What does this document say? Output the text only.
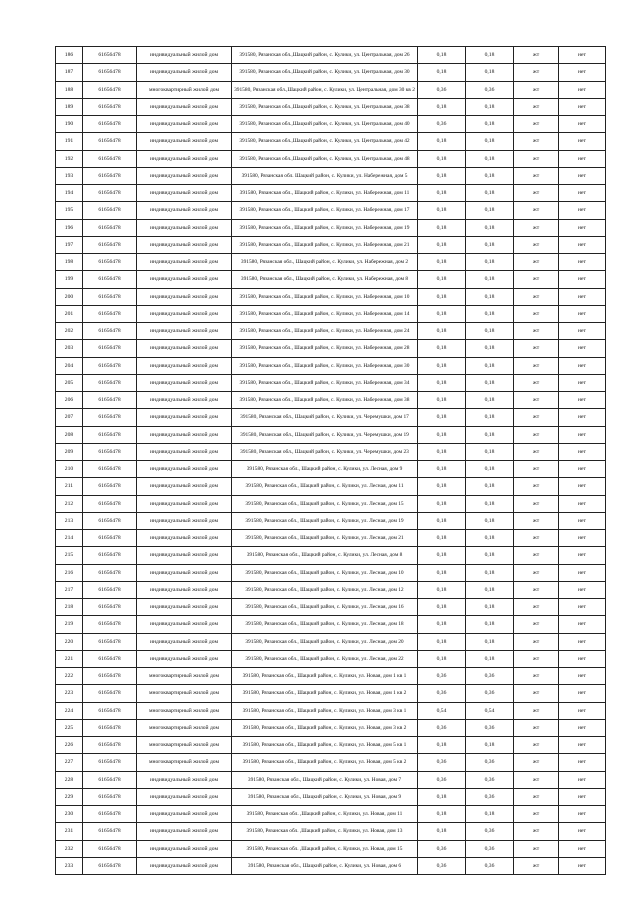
186	61656478	индивидуальный жилой дом	391580, Рязанская обл.,Шацкий район, с. Кулики, ул. Центральная, дом 26	0,18	0,18	жт	нет
187	61656478	индивидуальный жилой дом	391580, Рязанская обл.,Шацкий район, с. Кулики, ул. Центральная, дом 30	0,18	0,18	жт	нет
188	61656478	многоквартирный жилой дом	391580, Рязанская обл.,Шацкий район, с. Кулики, ул. Центральная, дом 30 кв 2	0,36	0,36	жт	нет
189	61656478	индивидуальный жилой дом	391580, Рязанская обл.,Шацкий район, с. Кулики, ул. Центральная, дом 38	0,18	0,18	жт	нет
190	61656478	индивидуальный жилой дом	391580, Рязанская обл.,Шацкий район, с. Кулики, ул. Центральная, дом 40	0,36	0,18	жт	нет
191	61656478	индивидуальный жилой дом	391580, Рязанская обл.,Шацкий район, с. Кулики, ул. Центральная, дом 42	0,18	0,18	жт	нет
192	61656478	индивидуальный жилой дом	391580, Рязанская обл.,Шацкий район, с. Кулики, ул. Центральная, дом 48	0,18	0,18	жт	нет
193	61656478	индивидуальный жилой дом	391580, Рязанская обл. Шацкий район, с. Кулики, ул. Набережная, дом 5	0,18	0,18	жт	нет
194	61656478	индивидуальный жилой дом	391580, Рязанская обл., Шацкий район, с. Кулики, ул. Набережная, дом 11	0,18	0,18	жт	нет
195	61656478	индивидуальный жилой дом	391580, Рязанская обл., Шацкий район, с. Кулики, ул. Набережная, дом 17	0,18	0,18	жт	нет
196	61656478	индивидуальный жилой дом	391580, Рязанская обл., Шацкий район, с. Кулики, ул. Набережная, дом 19	0,18	0,18	жт	нет
197	61656478	индивидуальный жилой дом	391580, Рязанская обл., Шацкий район, с. Кулики, ул. Набережная, дом 21	0,18	0,18	жт	нет
198	61656478	индивидуальный жилой дом	391580, Рязанская обл., Шацкий район, с. Кулики, ул. Набережная, дом 2	0,18	0,18	жт	нет
199	61656478	индивидуальный жилой дом	391580, Рязанская обл., Шацкий район, с. Кулики, ул. Набережная, дом 8	0,18	0,18	жт	нет
200	61656478	индивидуальный жилой дом	391580, Рязанская обл., Шацкий район, с. Кулики, ул. Набережная, дом 10	0,18	0,18	жт	нет
201	61656478	индивидуальный жилой дом	391580, Рязанская обл., Шацкий район, с. Кулики, ул. Набережная, дом 14	0,18	0,18	жт	нет
202	61656478	индивидуальный жилой дом	391580, Рязанская обл., Шацкий район, с. Кулики, ул. Набережная, дом 24	0,18	0,18	жт	нет
203	61656478	индивидуальный жилой дом	391580, Рязанская обл., Шацкий район, с. Кулики, ул. Набережная, дом 28	0,18	0,18	жт	нет
204	61656478	индивидуальный жилой дом	391580, Рязанская обл., Шацкий район, с. Кулики, ул. Набережная, дом 30	0,18	0,18	жт	нет
205	61656478	индивидуальный жилой дом	391580, Рязанская обл., Шацкий район, с. Кулики, ул. Набережная, дом 34	0,18	0,18	жт	нет
206	61656478	индивидуальный жилой дом	391580, Рязанская обл., Шацкий район, с. Кулики, ул. Набережная, дом 38	0,18	0,18	жт	нет
207	61656478	индивидуальный жилой дом	391580, Рязанская обл., Шацкий район, с. Кулики, ул. Черемушки, дом 17	0,18	0,18	жт	нет
208	61656478	индивидуальный жилой дом	391580, Рязанская обл., Шацкий район, с. Кулики, ул. Черемушки, дом 19	0,18	0,18	жт	нет
209	61656478	индивидуальный жилой дом	391580, Рязанская обл., Шацкий район, с. Кулики, ул. Черемушки, дом 23	0,18	0,18	жт	нет
210	61656478	индивидуальный жилой дом	391580, Рязанская обл., Шацкий район, с. Кулики, ул. Лесная, дом 9	0,18	0,18	жт	нет
211	61656478	индивидуальный жилой дом	391580, Рязанская обл., Шацкий район, с. Кулики, ул. Лесная, дом 11	0,18	0,18	жт	нет
212	61656478	индивидуальный жилой дом	391580, Рязанская обл., Шацкий район, с. Кулики, ул. Лесная, дом 15	0,18	0,18	жт	нет
213	61656478	индивидуальный жилой дом	391580, Рязанская обл., Шацкий район, с. Кулики, ул. Лесная, дом 19	0,18	0,18	жт	нет
214	61656478	индивидуальный жилой дом	391580, Рязанская обл., Шацкий район, с. Кулики, ул. Лесная, дом 21	0,18	0,18	жт	нет
215	61656478	индивидуальный жилой дом	391580, Рязанская обл., Шацкий район, с. Кулики, ул. Лесная, дом 8	0,18	0,18	жт	нет
216	61656478	индивидуальный жилой дом	391580, Рязанская обл., Шацкий район, с. Кулики, ул. Лесная, дом 10	0,18	0,18	жт	нет
217	61656478	индивидуальный жилой дом	391580, Рязанская обл., Шацкий район, с. Кулики, ул. Лесная, дом 12	0,18	0,18	жт	нет
218	61656478	индивидуальный жилой дом	391580, Рязанская обл., Шацкий район, с. Кулики, ул. Лесная, дом 16	0,18	0,18	жт	нет
219	61656478	индивидуальный жилой дом	391580, Рязанская обл., Шацкий район, с. Кулики, ул. Лесная, дом 18	0,18	0,18	жт	нет
220	61656478	индивидуальный жилой дом	391580, Рязанская обл., Шацкий район, с. Кулики, ул. Лесная, дом 20	0,18	0,18	жт	нет
221	61656478	индивидуальный жилой дом	391580, Рязанская обл., Шацкий район, с. Кулики, ул. Лесная, дом 22	0,18	0,18	жт	нет
222	61656478	многоквартирный жилой дом	391580, Рязанская обл., Шацкий район, с. Кулики, ул. Новая, дом 1 кв 1	0,36	0,36	жт	нет
223	61656478	многоквартирный жилой дом	391580, Рязанская обл., Шацкий район, с. Кулики, ул. Новая, дом 1 кв 2	0,36	0,36	жт	нет
224	61656478	многоквартирный жилой дом	391580, Рязанская обл., Шацкий район, с. Кулики, ул. Новая, дом 3 кв 1	0,54	0,54	жт	нет
225	61656478	многоквартирный жилой дом	391580, Рязанская обл., Шацкий район, с. Кулики, ул. Новая, дом 3 кв 2	0,36	0,36	жт	нет
226	61656478	многоквартирный жилой дом	391580, Рязанская обл., Шацкий район, с. Кулики, ул. Новая, дом 5 кв 1	0,18	0,18	жт	нет
227	61656478	многоквартирный жилой дом	391580, Рязанская обл., Шацкий район, с. Кулики, ул. Новая, дом 5 кв 2	0,36	0,36	жт	нет
228	61656478	индивидуальный жилой дом	391580, Рязанская обл., Шацкий район, с. Кулики, ул. Новая, дом 7	0,36	0,36	жт	нет
229	61656478	индивидуальный жилой дом	391580, Рязанская обл., Шацкий район, с. Кулики, ул. Новая, дом 9	0,18	0,36	жт	нет
230	61656478	индивидуальный жилой дом	391580, Рязанская обл. ,Шацкий район, с. Кулики, ул. Новая, дом 11	0,18	0,18	жт	нет
231	61656478	индивидуальный жилой дом	391580, Рязанская обл. ,Шацкий район, с. Кулики, ул. Новая, дом 13	0,18	0,36	жт	нет
232	61656478	индивидуальный жилой дом	391580, Рязанская обл. ,Шацкий район, с. Кулики, ул. Новая, дом 15	0,36	0,36	жт	нет
233	61656478	индивидуальный жилой дом	391580, Рязанская обл., Шацкий район, с. Кулики, ул. Новая, дом 6	0,36	0,36	жт	нет
